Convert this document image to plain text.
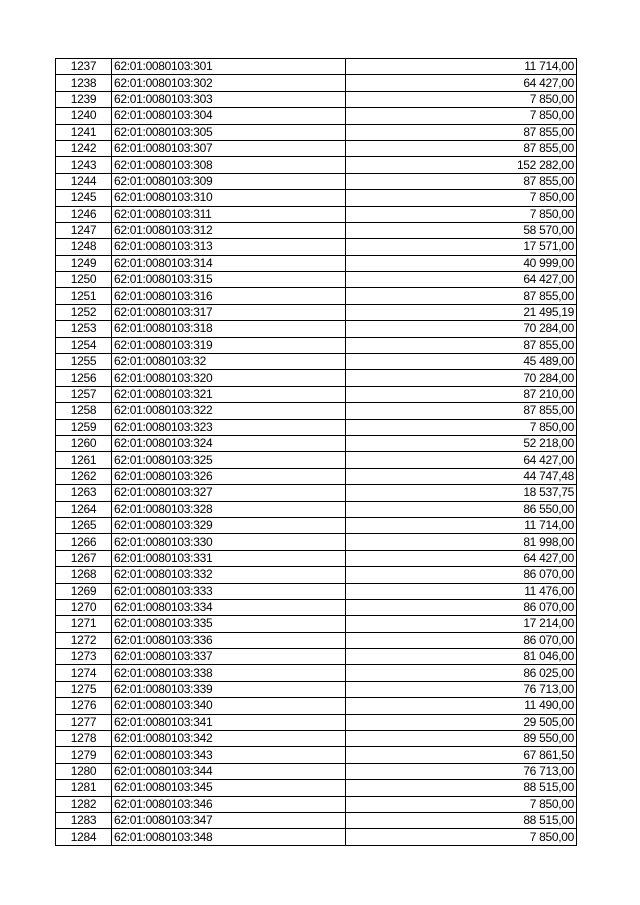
1237	62:01:0080103:301	11 714,00
1238	62:01:0080103:302	64 427,00
1239	62:01:0080103:303	7 850,00
1240	62:01:0080103:304	7 850,00
1241	62:01:0080103:305	87 855,00
1242	62:01:0080103:307	87 855,00
1243	62:01:0080103:308	152 282,00
1244	62:01:0080103:309	87 855,00
1245	62:01:0080103:310	7 850,00
1246	62:01:0080103:311	7 850,00
1247	62:01:0080103:312	58 570,00
1248	62:01:0080103:313	17 571,00
1249	62:01:0080103:314	40 999,00
1250	62:01:0080103:315	64 427,00
1251	62:01:0080103:316	87 855,00
1252	62:01:0080103:317	21 495,19
1253	62:01:0080103:318	70 284,00
1254	62:01:0080103:319	87 855,00
1255	62:01:0080103:32	45 489,00
1256	62:01:0080103:320	70 284,00
1257	62:01:0080103:321	87 210,00
1258	62:01:0080103:322	87 855,00
1259	62:01:0080103:323	7 850,00
1260	62:01:0080103:324	52 218,00
1261	62:01:0080103:325	64 427,00
1262	62:01:0080103:326	44 747,48
1263	62:01:0080103:327	18 537,75
1264	62:01:0080103:328	86 550,00
1265	62:01:0080103:329	11 714,00
1266	62:01:0080103:330	81 998,00
1267	62:01:0080103:331	64 427,00
1268	62:01:0080103:332	86 070,00
1269	62:01:0080103:333	11 476,00
1270	62:01:0080103:334	86 070,00
1271	62:01:0080103:335	17 214,00
1272	62:01:0080103:336	86 070,00
1273	62:01:0080103:337	81 046,00
1274	62:01:0080103:338	86 025,00
1275	62:01:0080103:339	76 713,00
1276	62:01:0080103:340	11 490,00
1277	62:01:0080103:341	29 505,00
1278	62:01:0080103:342	89 550,00
1279	62:01:0080103:343	67 861,50
1280	62:01:0080103:344	76 713,00
1281	62:01:0080103:345	88 515,00
1282	62:01:0080103:346	7 850,00
1283	62:01:0080103:347	88 515,00
1284	62:01:0080103:348	7 850,00
